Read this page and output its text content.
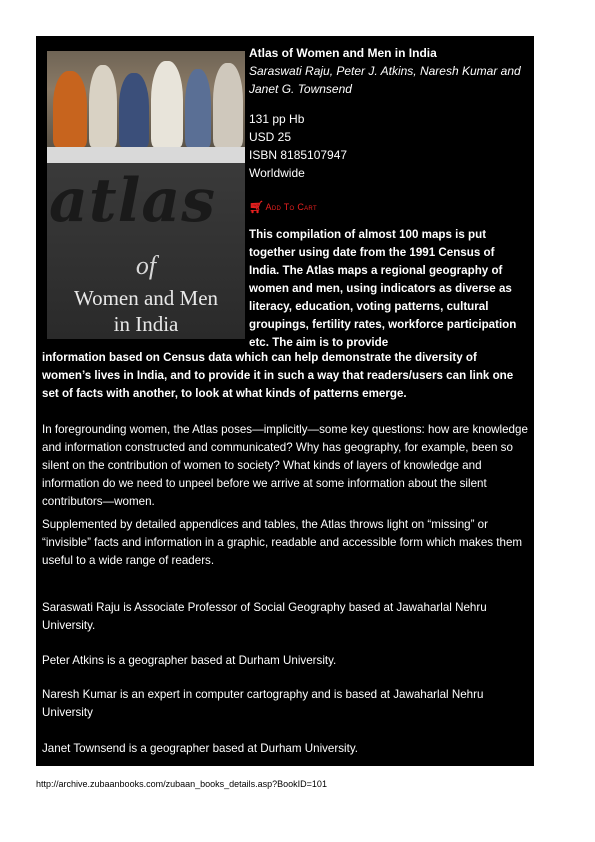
atlas
of
Women and Men
in India
Atlas of Women and Men in India
Saraswati Raju, Peter J. Atkins, Naresh Kumar and Janet G. Townsend
131 pp Hb
USD 25
ISBN 8185107947
Worldwide
🛒︎ Add To Cart
This compilation of almost 100 maps is put together using date from the 1991 Census of India. The Atlas maps a regional geography of women and men, using indicators as diverse as literacy, education, voting patterns, cultural groupings, fertility rates, workforce participation etc. The aim is to provide
information based on Census data which can help demonstrate the diversity of women’s lives in India, and to provide it in such a way that readers/users can link one set of facts with another, to look at what kinds of patterns emerge.
In foregrounding women, the Atlas poses—implicitly—some key questions: how are knowledge and information constructed and communicated? Why has geography, for example, been so silent on the contribution of women to society? What kinds of layers of knowledge and information do we need to unpeel before we arrive at some information about the silent contributors—women.
Supplemented by detailed appendices and tables, the Atlas throws light on “missing” or “invisible” facts and information in a graphic, readable and accessible form which makes them useful to a wide range of readers.
Saraswati Raju is Associate Professor of Social Geography based at Jawaharlal Nehru University.
Peter Atkins is a geographer based at Durham University.
Naresh Kumar is an expert in computer cartography and is based at Jawaharlal Nehru University
Janet Townsend is a geographer based at Durham University.
http://archive.zubaanbooks.com/zubaan_books_details.asp?BookID=101
